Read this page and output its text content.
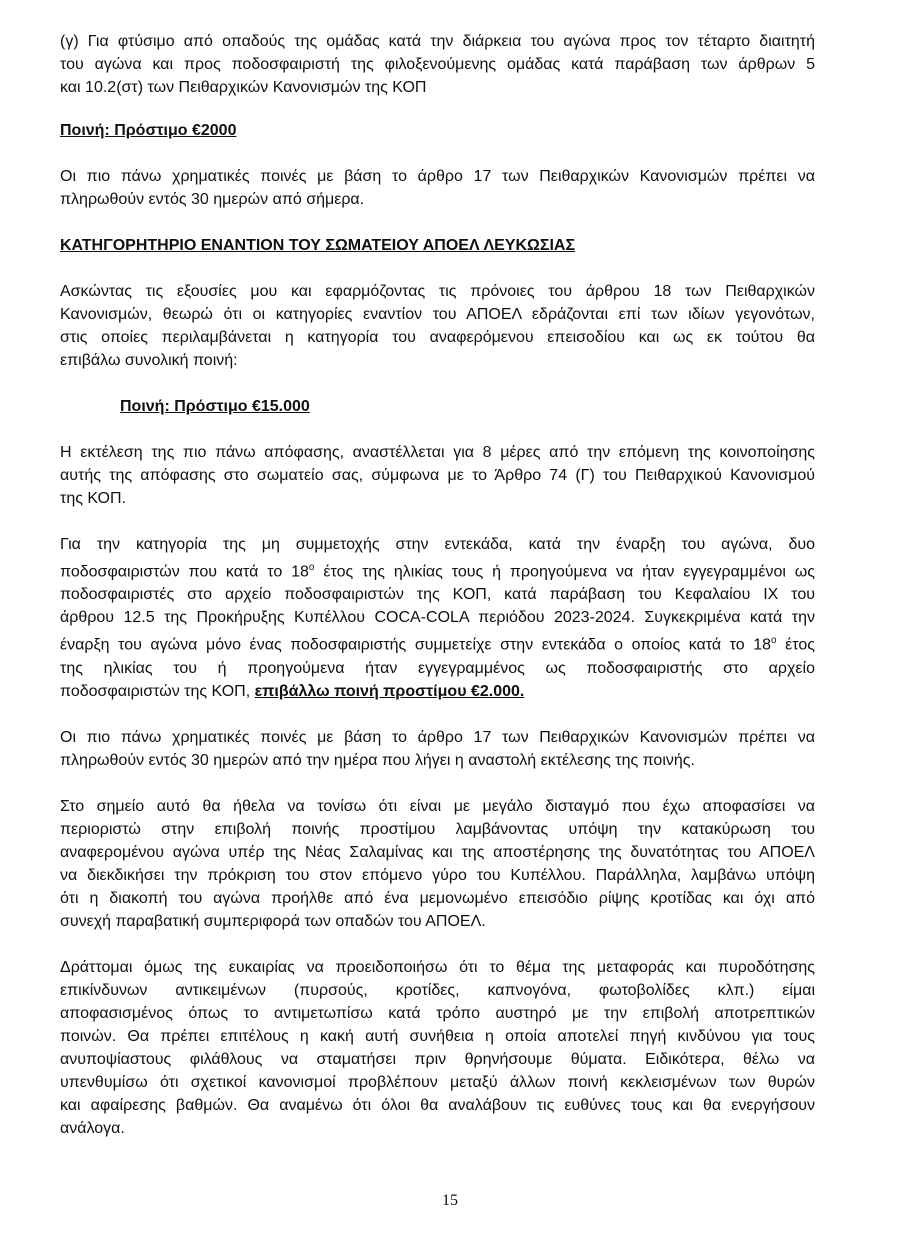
(γ) Για φτύσιμο από οπαδούς της ομάδας κατά την διάρκεια του αγώνα προς τον τέταρτο διαιτητή
του αγώνα και προς ποδοσφαιριστή της φιλοξενούμενης ομάδας κατά παράβαση των άρθρων 5
και 10.2(στ) των Πειθαρχικών Κανονισμών της ΚΟΠ

Ποινή: Πρόστιμο €2000

Οι πιο πάνω χρηματικές ποινές με βάση το άρθρο 17 των Πειθαρχικών Κανονισμών πρέπει να
πληρωθούν εντός 30 ημερών από σήμερα.

ΚΑΤΗΓΟΡΗΤΗΡΙΟ ΕΝΑΝΤΙΟΝ ΤΟΥ ΣΩΜΑΤΕΙΟΥ ΑΠΟΕΛ ΛΕΥΚΩΣΙΑΣ

Ασκώντας τις εξουσίες μου και εφαρμόζοντας τις πρόνοιες του άρθρου 18 των Πειθαρχικών
Κανονισμών, θεωρώ ότι οι κατηγορίες εναντίον του ΑΠΟΕΛ εδράζονται επί των ιδίων γεγονότων,
στις οποίες περιλαμβάνεται η κατηγορία του αναφερόμενου επεισοδίου και ως εκ τούτου θα
επιβάλω συνολική ποινή:

Ποινή: Πρόστιμο €15.000

Η εκτέλεση της πιο πάνω απόφασης, αναστέλλεται για 8 μέρες από την επόμενη της κοινοποίησης
αυτής της απόφασης στο σωματείο σας, σύμφωνα με το Άρθρο 74 (Γ) του Πειθαρχικού Κανονισμού
της ΚΟΠ.

Για την κατηγορία της μη συμμετοχής στην εντεκάδα, κατά την έναρξη του αγώνα, δυο
ποδοσφαιριστών που κατά το $18^o$ έτος της ηλικίας τους ή προηγούμενα να ήταν εγγεγραμμένοι ως
ποδοσφαιριστές στο αρχείο ποδοσφαιριστών της ΚΟΠ, κατά παράβαση του Κεφαλαίου IX του
άρθρου 12.5 της Προκήρυξης Κυπέλλου COCA-COLA περιόδου 2023-2024. Συγκεκριμένα κατά την
έναρξη του αγώνα μόνο ένας ποδοσφαιριστής συμμετείχε στην εντεκάδα ο οποίος κατά το $18^o$ έτος
της ηλικίας του ή προηγούμενα ήταν εγγεγραμμένος ως ποδοσφαιριστής στο αρχείο
ποδοσφαιριστών της ΚΟΠ, επιβάλλω ποινή προστίμου €2.000.

Οι πιο πάνω χρηματικές ποινές με βάση το άρθρο 17 των Πειθαρχικών Κανονισμών πρέπει να
πληρωθούν εντός 30 ημερών από την ημέρα που λήγει η αναστολή εκτέλεσης της ποινής.

Στο σημείο αυτό θα ήθελα να τονίσω ότι είναι με μεγάλο δισταγμό που έχω αποφασίσει να
περιοριστώ στην επιβολή ποινής προστίμου λαμβάνοντας υπόψη την κατακύρωση του
αναφερομένου αγώνα υπέρ της Νέας Σαλαμίνας και της αποστέρησης της δυνατότητας του ΑΠΟΕΛ
να διεκδικήσει την πρόκριση του στον επόμενο γύρο του Κυπέλλου. Παράλληλα, λαμβάνω υπόψη
ότι η διακοπή του αγώνα προήλθε από ένα μεμονωμένο επεισόδιο ρίψης κροτίδας και όχι από
συνεχή παραβατική συμπεριφορά των οπαδών του ΑΠΟΕΛ.

Δράττομαι όμως της ευκαιρίας να προειδοποιήσω ότι το θέμα της μεταφοράς και πυροδότησης
επικίνδυνων αντικειμένων (πυρσούς, κροτίδες, καπνογόνα, φωτοβολίδες κλπ.) είμαι
αποφασισμένος όπως το αντιμετωπίσω κατά τρόπο αυστηρό με την επιβολή αποτρεπτικών
ποινών. Θα πρέπει επιτέλους η κακή αυτή συνήθεια η οποία αποτελεί πηγή κινδύνου για τους
ανυποψίαστους φιλάθλους να σταματήσει πριν θρηνήσουμε θύματα. Ειδικότερα, θέλω να
υπενθυμίσω ότι σχετικοί κανονισμοί προβλέπουν μεταξύ άλλων ποινή κεκλεισμένων των θυρών
και αφαίρεσης βαθμών. Θα αναμένω ότι όλοι θα αναλάβουν τις ευθύνες τους και θα ενεργήσουν
ανάλογα.

15
